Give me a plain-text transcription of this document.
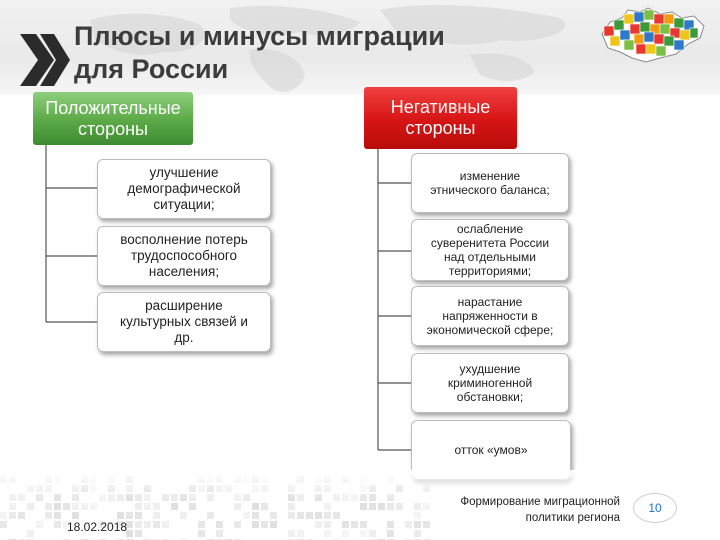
Плюсы и минусы миграции
для России
Положительные
стороны
Негативные
стороны
улучшение
демографической
ситуации;
восполнение потерь
трудоспособного
населения;
расширение
культурных связей и
др.
изменение
этнического баланса;
ослабление
суверенитета России
над отдельными
территориями;
нарастание
напряженности в
экономической сфере;
ухудшение
криминогенной
обстановки;
отток «умов»
18.02.2018
Формирование миграционной
политики региона
10
